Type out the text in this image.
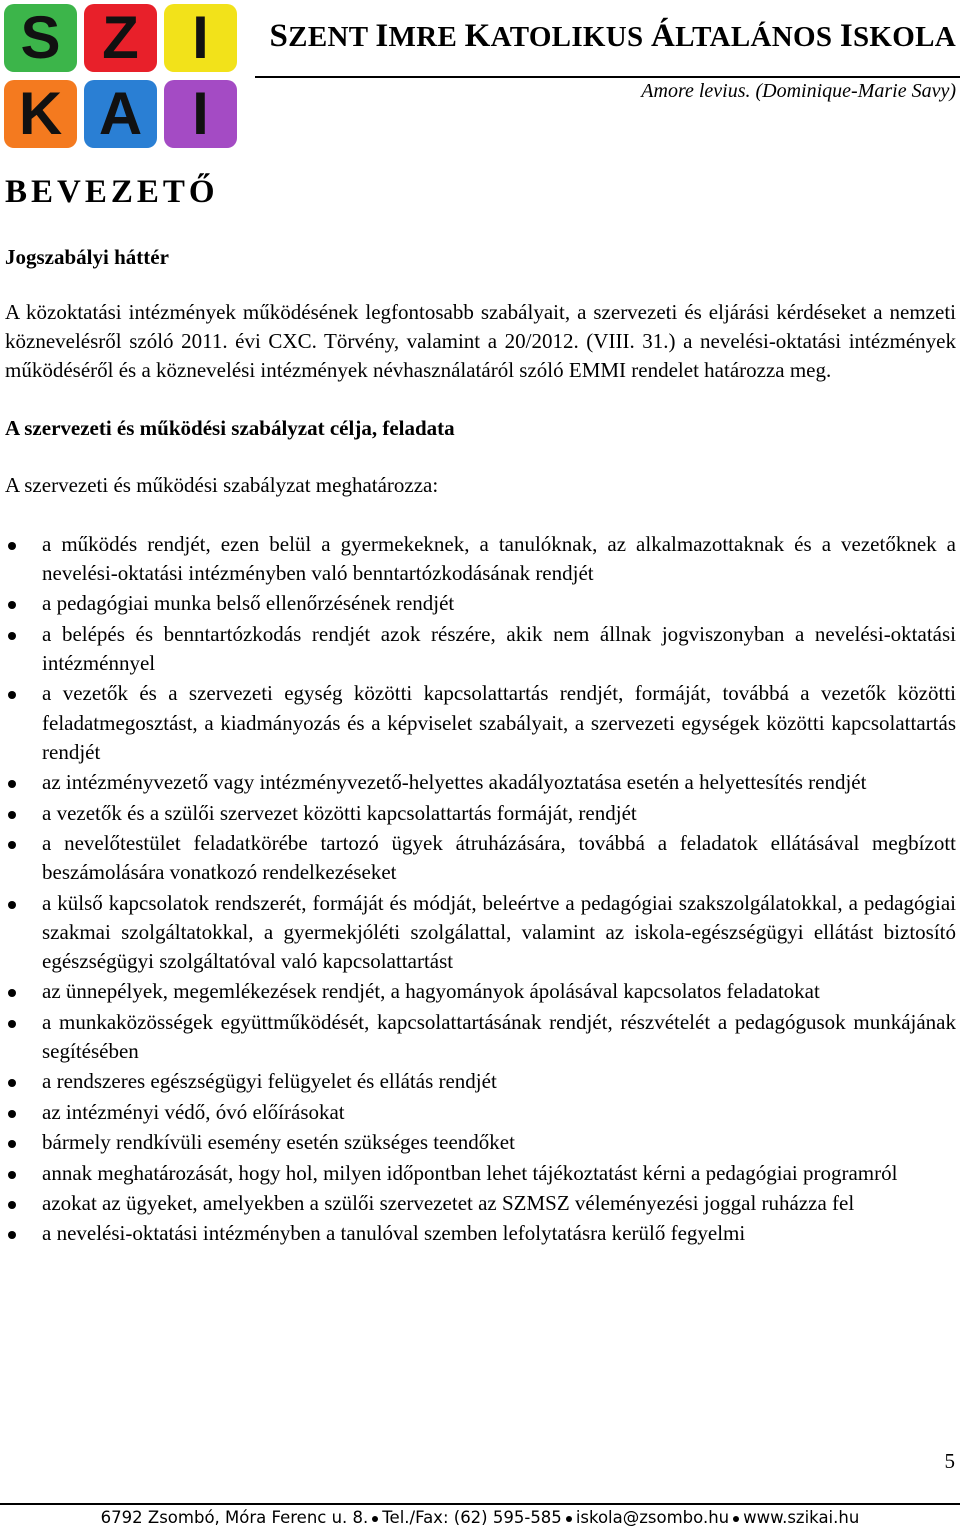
S Z I
K A I
SZENT IMRE KATOLIKUS ÁLTALÁNOS ISKOLA
Amore levius. (Dominique-Marie Savy)
BEVEZETŐ
Jogszabályi háttér

A közoktatási intézmények működésének legfontosabb szabályait, a szervezeti és eljárási kérdéseket a nemzeti köznevelésről szóló 2011. évi CXC. Törvény, valamint a 20/2012. (VIII. 31.) a nevelési-oktatási intézmények működéséről és a köznevelési intézmények névhasználatáról szóló EMMI rendelet határozza meg.

A szervezeti és működési szabályzat célja, feladata

A szervezeti és működési szabályzat meghatározza:

a működés rendjét, ezen belül a gyermekeknek, a tanulóknak, az alkalmazottaknak és a vezetőknek a nevelési-oktatási intézményben való benntartózkodásának rendjét
a pedagógiai munka belső ellenőrzésének rendjét
a belépés és benntartózkodás rendjét azok részére, akik nem állnak jogviszonyban a nevelési-oktatási intézménnyel
a vezetők és a szervezeti egység közötti kapcsolattartás rendjét, formáját, továbbá a vezetők közötti feladatmegosztást, a kiadmányozás és a képviselet szabályait, a szervezeti egységek közötti kapcsolattartás rendjét
az intézményvezető vagy intézményvezető-helyettes akadályoztatása esetén a helyettesítés rendjét
a vezetők és a szülői szervezet közötti kapcsolattartás formáját, rendjét
a nevelőtestület feladatkörébe tartozó ügyek átruházására, továbbá a feladatok ellátásával megbízott beszámolására vonatkozó rendelkezéseket
a külső kapcsolatok rendszerét, formáját és módját, beleértve a pedagógiai szakszolgálatokkal, a pedagógiai szakmai szolgáltatokkal, a gyermekjóléti szolgálattal, valamint az iskola-egészségügyi ellátást biztosító egészségügyi szolgáltatóval való kapcsolattartást
az ünnepélyek, megemlékezések rendjét, a hagyományok ápolásával kapcsolatos feladatokat
a munkaközösségek együttműködését, kapcsolattartásának rendjét, részvételét a pedagógusok munkájának segítésében
a rendszeres egészségügyi felügyelet és ellátás rendjét
az intézményi védő, óvó előírásokat
bármely rendkívüli esemény esetén szükséges teendőket
annak meghatározását, hogy hol, milyen időpontban lehet tájékoztatást kérni a pedagógiai programról
azokat az ügyeket, amelyekben a szülői szervezetet az SZMSZ véleményezési joggal ruházza fel
a nevelési-oktatási intézményben a tanulóval szemben lefolytatásra kerülő fegyelmi
5
6792 Zsombó, Móra Ferenc u. 8. Tel./Fax: (62) 595-585 iskola@zsombo.hu www.szikai.hu
